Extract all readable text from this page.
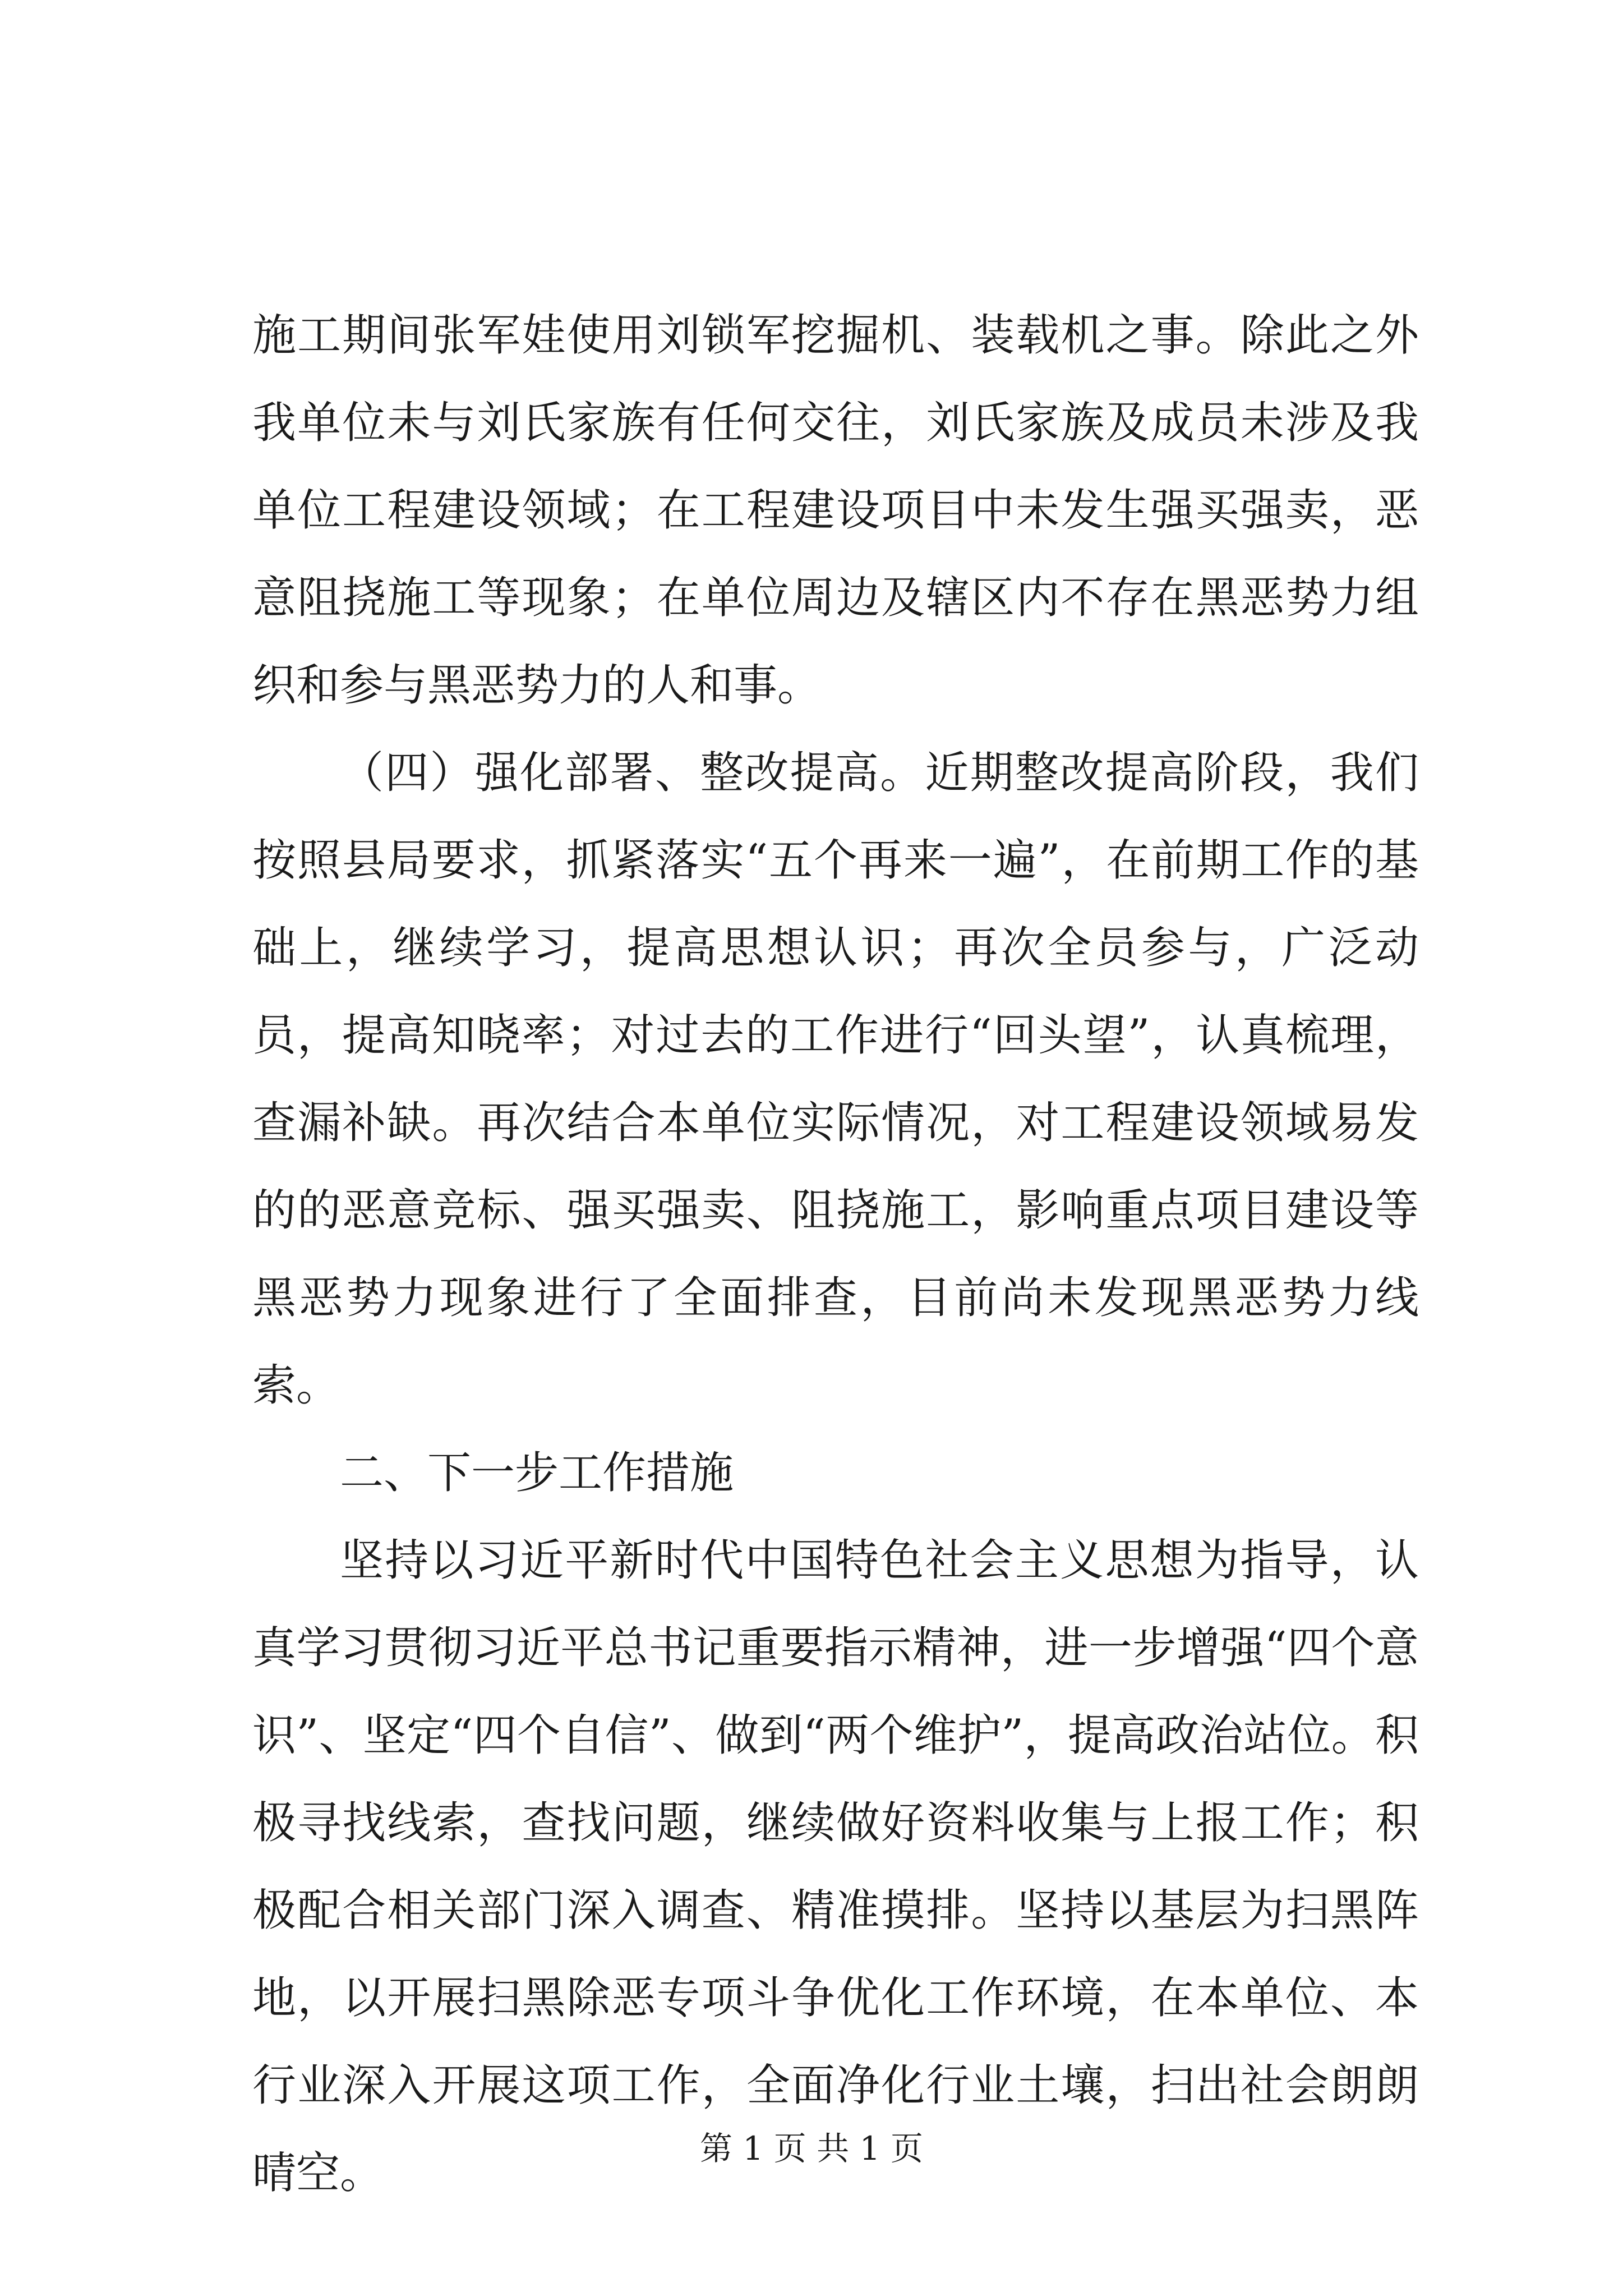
施工期间张军娃使用刘锁军挖掘机、装载机之事。除此之外我单位未与刘氏家族有任何交往，刘氏家族及成员未涉及我单位工程建设领域；在工程建设项目中未发生强买强卖，恶意阻挠施工等现象；在单位周边及辖区内不存在黑恶势力组织和参与黑恶势力的人和事。

（四）强化部署、整改提高。近期整改提高阶段，我们按照县局要求，抓紧落实“五个再来一遍”，在前期工作的基础上，继续学习，提高思想认识；再次全员参与，广泛动员，提高知晓率；对过去的工作进行“回头望”，认真梳理，查漏补缺。再次结合本单位实际情况，对工程建设领域易发的的恶意竞标、强买强卖、阻挠施工，影响重点项目建设等黑恶势力现象进行了全面排查，目前尚未发现黑恶势力线索。

二、下一步工作措施

坚持以习近平新时代中国特色社会主义思想为指导，认真学习贯彻习近平总书记重要指示精神，进一步增强“四个意识”、坚定“四个自信”、做到“两个维护”，提高政治站位。积极寻找线索，查找问题，继续做好资料收集与上报工作；积极配合相关部门深入调查、精准摸排。坚持以基层为扫黑阵地，以开展扫黑除恶专项斗争优化工作环境，在本单位、本行业深入开展这项工作，全面净化行业土壤，扫出社会朗朗晴空。	第 1 页 共 1 页
